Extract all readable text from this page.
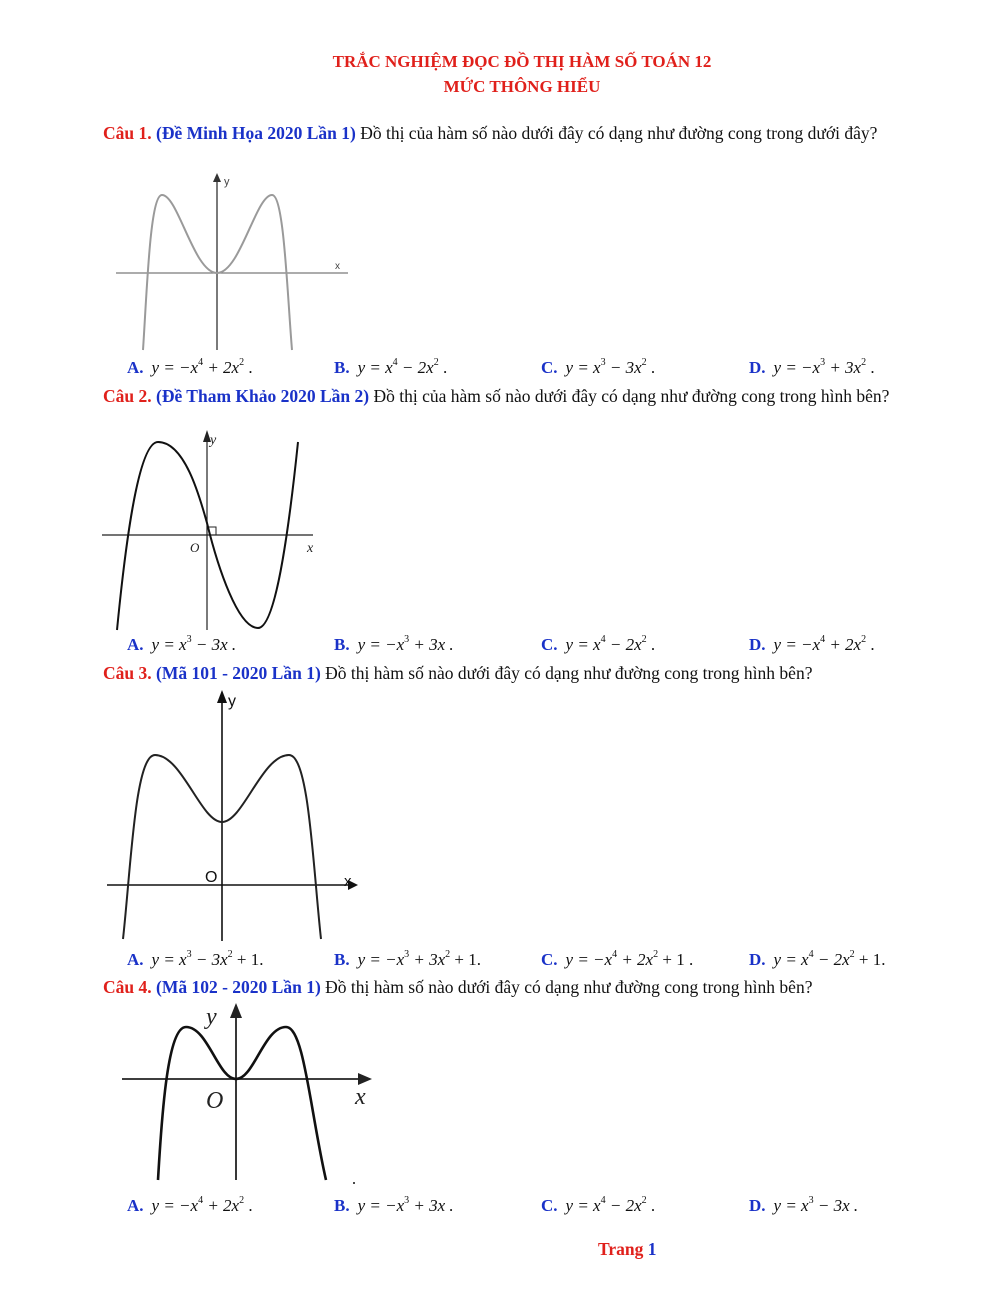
TRẮC NGHIỆM ĐỌC ĐỒ THỊ HÀM SỐ TOÁN 12
MỨC THÔNG HIỂU
Câu 1. (Đề Minh Họa 2020 Lần 1) Đồ thị của hàm số nào dưới đây có dạng như đường cong trong dưới đây?
y
x
A. $y = -x^4 + 2x^2$ .	B. $y = x^4 - 2x^2$ .	C. $y = x^3 - 3x^2$ .	D. $y = -x^3 + 3x^2$ .
Câu 2. (Đề Tham Khảo 2020 Lần 2) Đồ thị của hàm số nào dưới đây có dạng như đường cong trong hình bên?
y
x
O
A. $y = x^3 - 3x$ .	B. $y = -x^3 + 3x$ .	C. $y = x^4 - 2x^2$ .	D. $y = -x^4 + 2x^2$ .
Câu 3. (Mã 101 - 2020 Lần 1) Đồ thị hàm số nào dưới đây có dạng như đường cong trong hình bên?
y
x
O
A. $y = x^3 - 3x^2 + 1$.	B. $y = -x^3 + 3x^2 + 1$.	C. $y = -x^4 + 2x^2 + 1$ .	D. $y = x^4 - 2x^2 + 1$.
Câu 4. (Mã 102 - 2020 Lần 1) Đồ thị hàm số nào dưới đây có dạng như đường cong trong hình bên?
y
x
O
A. $y = -x^4 + 2x^2$ .	B. $y = -x^3 + 3x$ .	C. $y = x^4 - 2x^2$ .	D. $y = x^3 - 3x$ .
Trang 1
